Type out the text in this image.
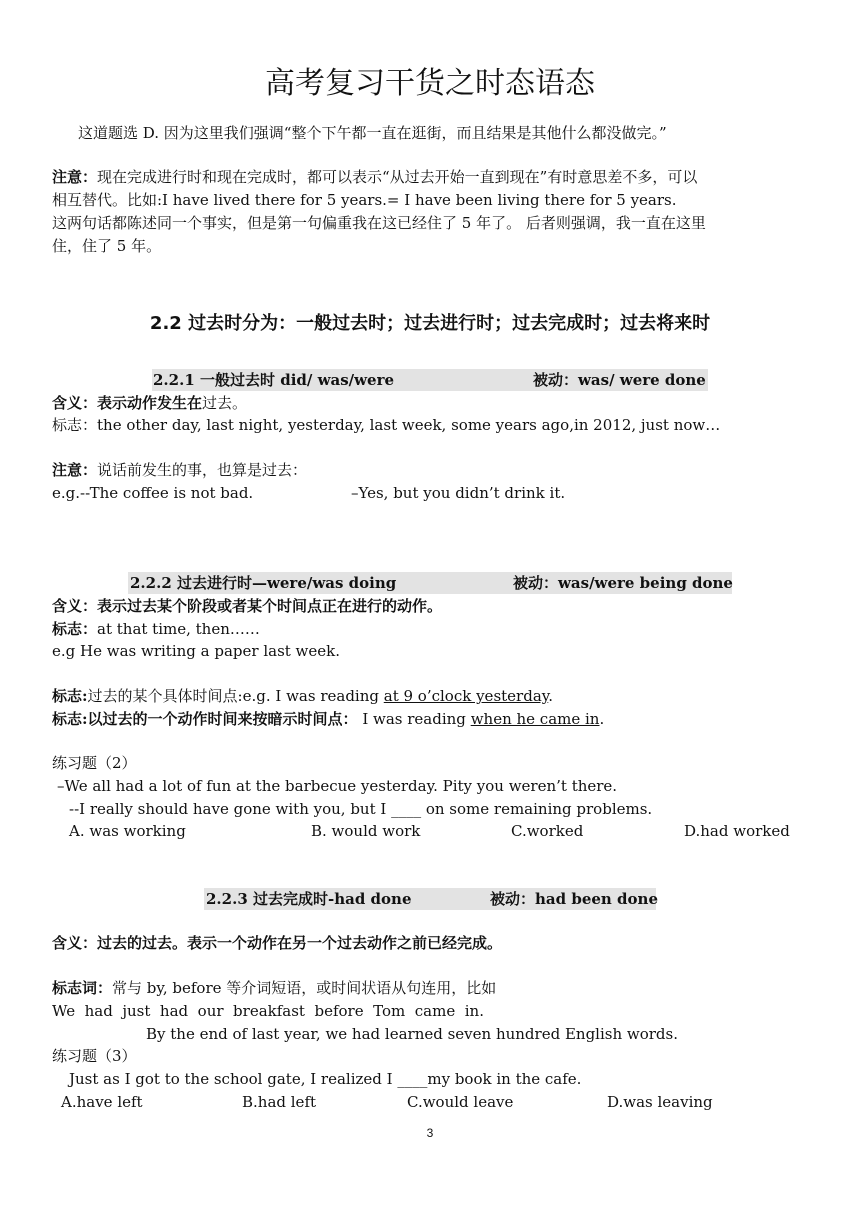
高考复习干货之时态语态
这道题选 D. 因为这里我们强调“整个下午都一直在逛街，而且结果是其他什么都没做完。”
注意：现在完成进行时和现在完成时，都可以表示“从过去开始一直到现在”有时意思差不多，可以
相互替代。比如:I have lived there for 5 years.= I have been living there for 5 years.
这两句话都陈述同一个事实，但是第一句偏重我在这已经住了 5 年了。 后者则强调，我一直在这里
住，住了 5 年。
2.2 过去时分为：一般过去时；过去进行时；过去完成时；过去将来时
2.2.1 一般过去时 did/ was/were	被动：was/ were done
含义：表示动作发生在过去。
标志：the other day, last night, yesterday, last week, some years ago,in 2012, just now…
注意：说话前发生的事，也算是过去：
e.g.--The coffee is not bad.	–Yes, but you didn’t drink it.
2.2.2 过去进行时—were/was doing	被动：was/were being done
含义：表示过去某个阶段或者某个时间点正在进行的动作。
标志：at that time, then……
e.g He was writing a paper last week.
标志:过去的某个具体时间点:e.g. I was reading at 9 o’clock yesterday.
标志:以过去的一个动作时间来按暗示时间点： I was reading when he came in.
练习题（2）
–We all had a lot of fun at the barbecue yesterday. Pity you weren’t there.
--I really should have gone with you, but I ____ on some remaining problems.
A. was working	B. would work	C.worked	D.had worked
2.2.3 过去完成时-had done	被动：had been done
含义：过去的过去。表示一个动作在另一个过去动作之前已经完成。
标志词：常与 by, before 等介词短语，或时间状语从句连用，比如
We  had  just  had  our  breakfast  before  Tom  came  in.
By the end of last year, we had learned seven hundred English words.
练习题（3）
Just as I got to the school gate, I realized I ____my book in the cafe.
A.have left	B.had left	C.would leave	D.was leaving
3
